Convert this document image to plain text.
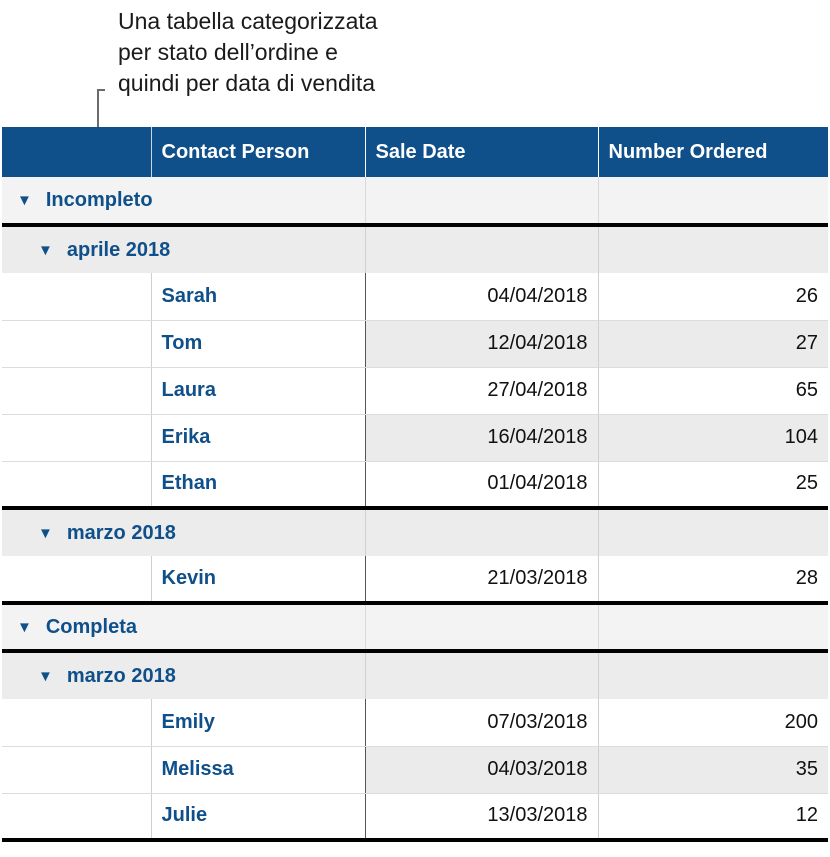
Una tabella categorizzata
per stato dell’ordine e
quindi per data di vendita
	Contact Person	Sale Date	Number Ordered

▼ Incompleto			

▼ aprile 2018			

	Sarah	04/04/2018	26
	Tom	12/04/2018	27
	Laura	27/04/2018	65
	Erika	16/04/2018	104
	Ethan	01/04/2018	25

▼ marzo 2018			

	Kevin	21/03/2018	28

▼ Completa			

▼ marzo 2018			

	Emily	07/03/2018	200
	Melissa	04/03/2018	35
	Julie	13/03/2018	12
